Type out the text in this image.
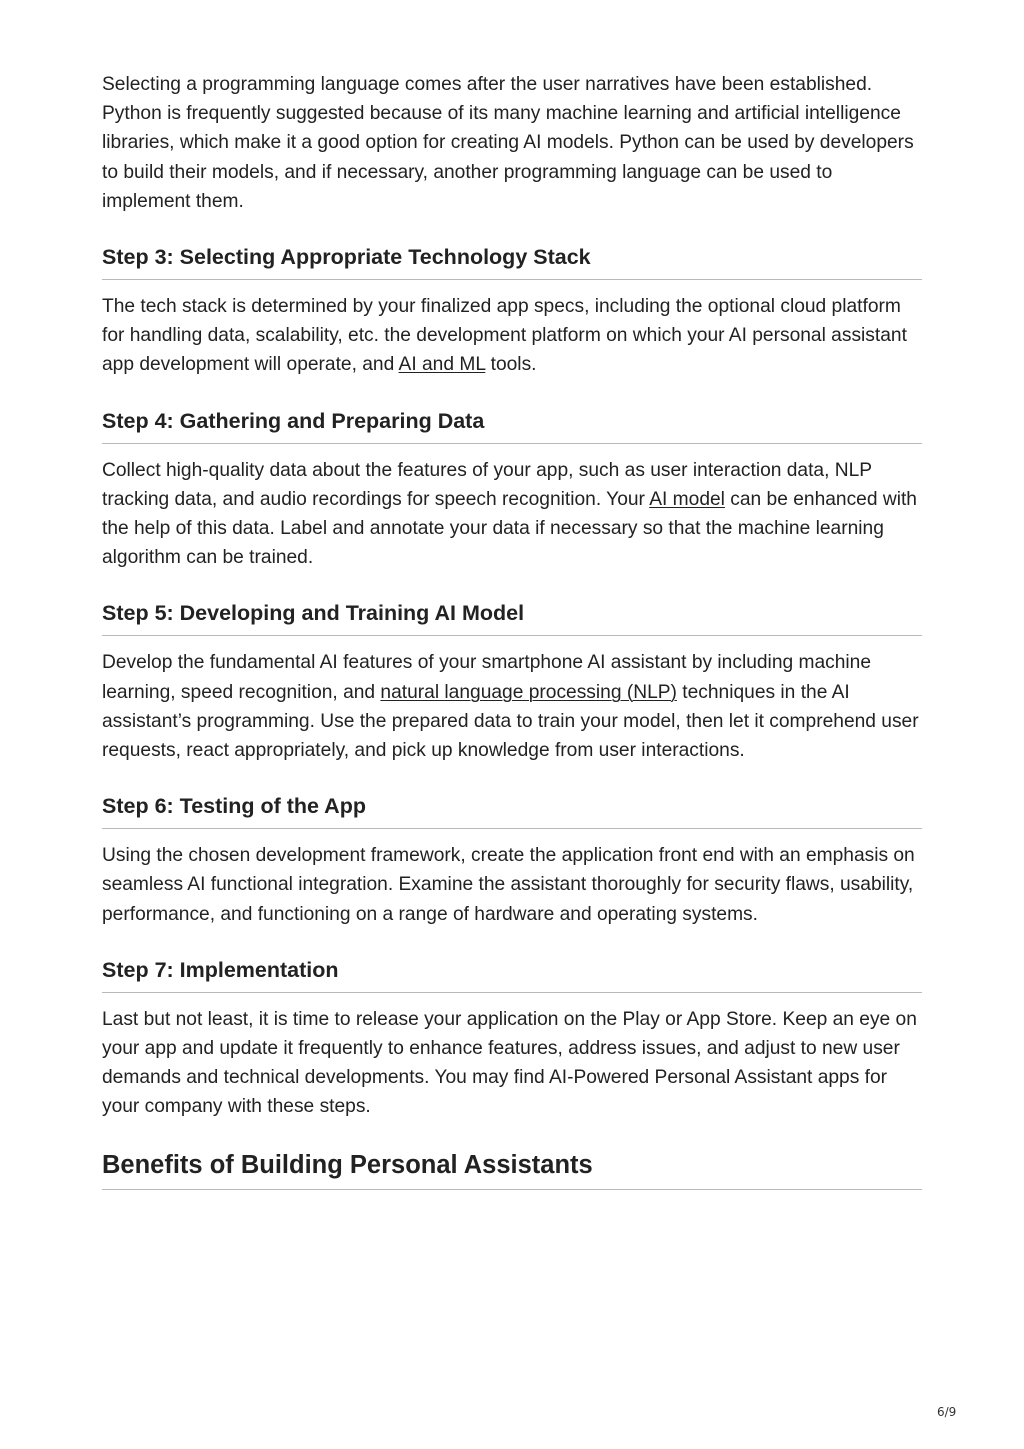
Selecting a programming language comes after the user narratives have been established. Python is frequently suggested because of its many machine learning and artificial intelligence libraries, which make it a good option for creating AI models. Python can be used by developers to build their models, and if necessary, another programming language can be used to implement them.

Step 3: Selecting Appropriate Technology Stack

The tech stack is determined by your finalized app specs, including the optional cloud platform for handling data, scalability, etc. the development platform on which your AI personal assistant app development will operate, and AI and ML tools.

Step 4: Gathering and Preparing Data

Collect high-quality data about the features of your app, such as user interaction data, NLP tracking data, and audio recordings for speech recognition. Your AI model can be enhanced with the help of this data. Label and annotate your data if necessary so that the machine learning algorithm can be trained.

Step 5: Developing and Training AI Model

Develop the fundamental AI features of your smartphone AI assistant by including machine learning, speed recognition, and natural language processing (NLP) techniques in the AI assistant’s programming. Use the prepared data to train your model, then let it comprehend user requests, react appropriately, and pick up knowledge from user interactions.

Step 6: Testing of the App

Using the chosen development framework, create the application front end with an emphasis on seamless AI functional integration. Examine the assistant thoroughly for security flaws, usability, performance, and functioning on a range of hardware and operating systems.

Step 7: Implementation

Last but not least, it is time to release your application on the Play or App Store. Keep an eye on your app and update it frequently to enhance features, address issues, and adjust to new user demands and technical developments. You may find AI-Powered Personal Assistant apps for your company with these steps.

Benefits of Building Personal Assistants
6/9
